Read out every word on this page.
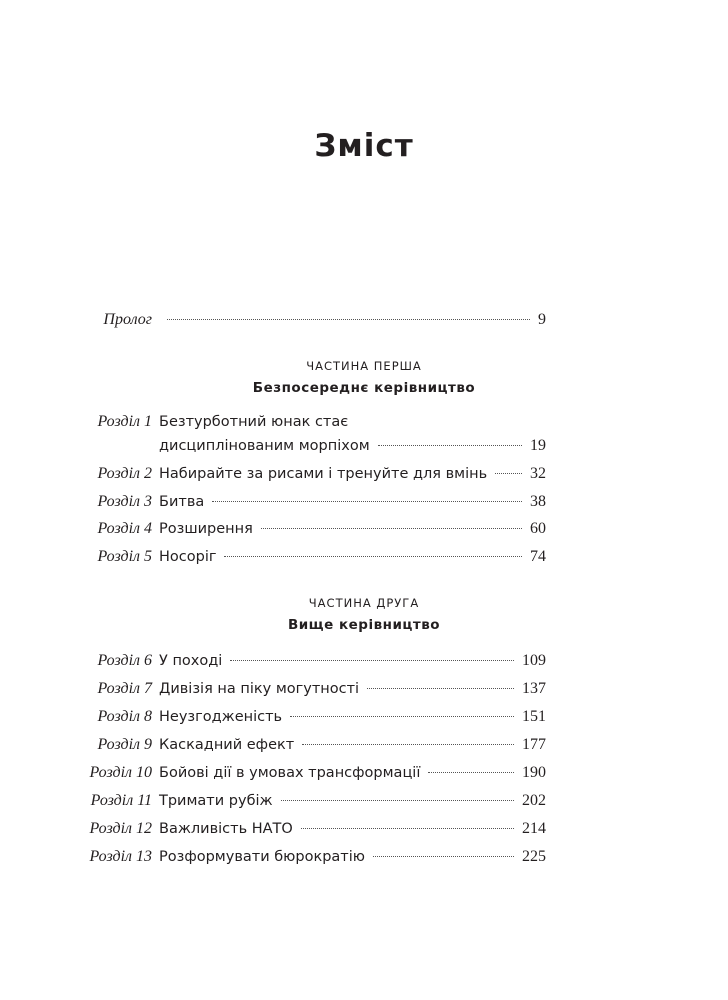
Зміст
Пролог	9
ЧАСТИНА ПЕРША
Безпосереднє керівництво
Розділ 1 Безтурботний юнак стає
дисциплінованим морпіхом	19
Розділ 2 Набирайте за рисами і тренуйте для вмінь	32
Розділ 3 Битва	38
Розділ 4 Розширення	60
Розділ 5 Носоріг	74
ЧАСТИНА ДРУГА
Вище керівництво
Розділ 6 У поході	109
Розділ 7 Дивізія на піку могутності	137
Розділ 8 Неузгодженість	151
Розділ 9 Каскадний ефект	177
Розділ 10 Бойові дії в умовах трансформації	190
Розділ 11 Тримати рубіж	202
Розділ 12 Важливість НАТО	214
Розділ 13 Розформувати бюрократію	225
